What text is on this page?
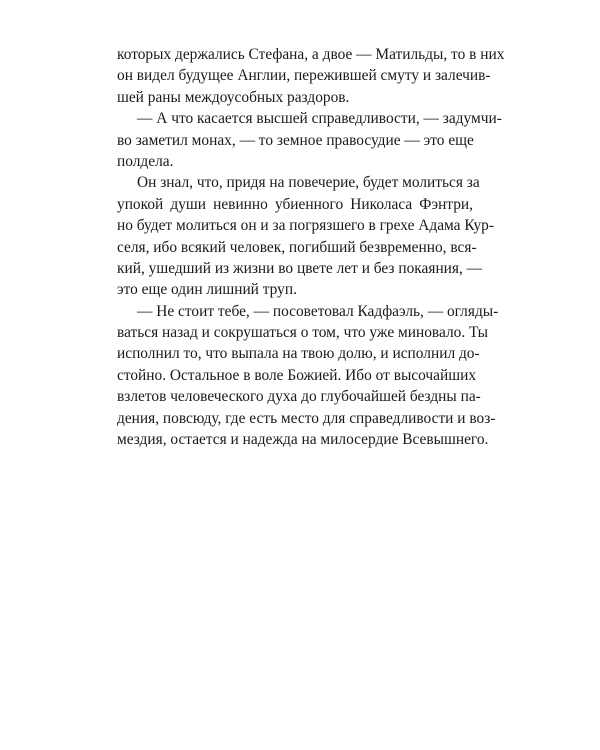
которых держались Стефана, а двое — Матильды, то в них
он видел будущее Англии, пережившей смуту и залечив-
шей раны междоусобных раздоров.

— А что касается высшей справедливости, — задумчи-
во заметил монах, — то земное правосудие — это еще
полдела.

Он знал, что, придя на повечерие, будет молиться за
упокой души невинно убиенного Николаса Фэнтри,
но будет молиться он и за погрязшего в грехе Адама Кур-
селя, ибо всякий человек, погибший безвременно, вся-
кий, ушедший из жизни во цвете лет и без покаяния, —
это еще один лишний труп.

— Не стоит тебе, — посоветовал Кадфаэль, — огляды-
ваться назад и сокрушаться о том, что уже миновало. Ты
исполнил то, что выпала на твою долю, и исполнил до-
стойно. Остальное в воле Божией. Ибо от высочайших
взлетов человеческого духа до глубочайшей бездны па-
дения, повсюду, где есть место для справедливости и воз-
мездия, остается и надежда на милосердие Всевышнего.
